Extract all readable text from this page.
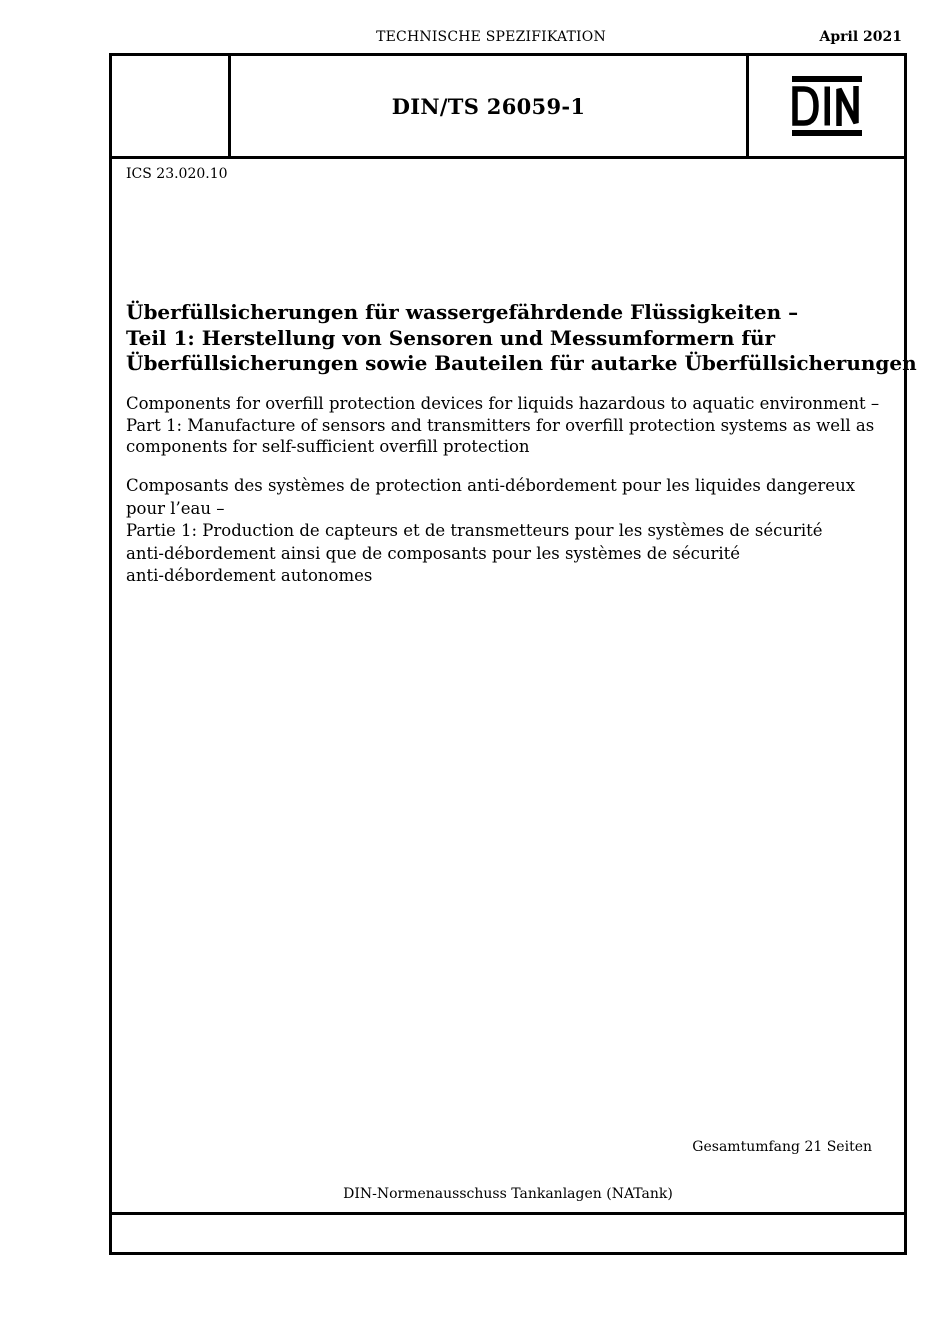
TECHNISCHE SPEZIFIKATION	April 2021
DIN/TS 26059-1
ICS 23.020.10
Überfüllsicherungen für wassergefährdende Flüssigkeiten –
Teil 1: Herstellung von Sensoren und Messumformern für
Überfüllsicherungen sowie Bauteilen für autarke Überfüllsicherungen
Components for overfill protection devices for liquids hazardous to aquatic environment –
Part 1: Manufacture of sensors and transmitters for overfill protection systems as well as
components for self-sufficient overfill protection
Composants des systèmes de protection anti-débordement pour les liquides dangereux
pour l’eau –
Partie 1: Production de capteurs et de transmetteurs pour les systèmes de sécurité
anti-débordement ainsi que de composants pour les systèmes de sécurité
anti-débordement autonomes
Gesamtumfang 21 Seiten
DIN-Normenausschuss Tankanlagen (NATank)
